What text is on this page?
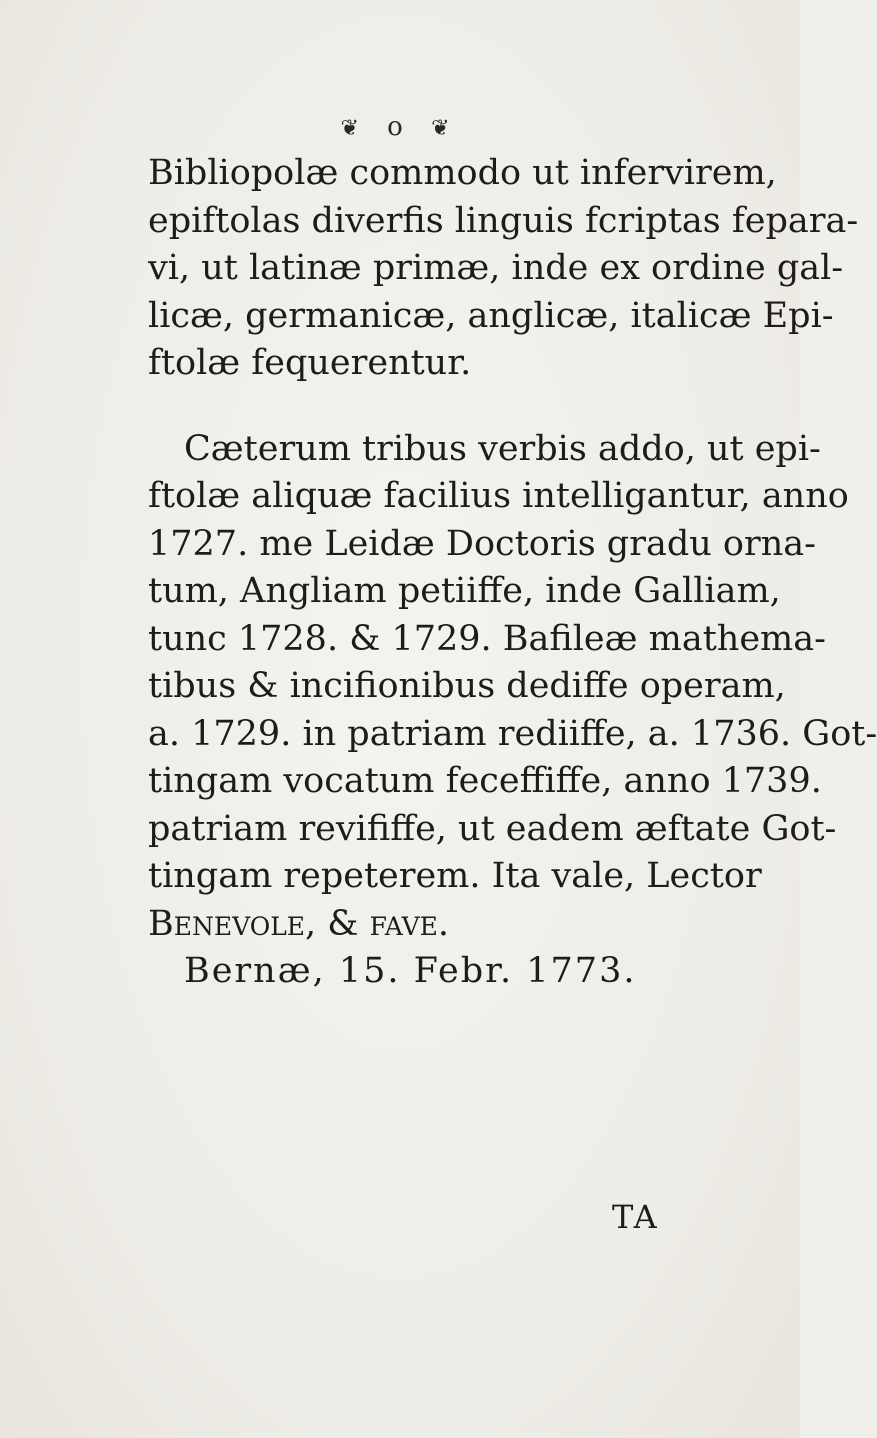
❦ o ❦
Bibliopolæ commodo ut infervirem,
epiftolas diverfis linguis fcriptas fepara-
vi, ut latinæ primæ, inde ex ordine gal-
licæ, germanicæ, anglicæ, italicæ Epi-
ftolæ fequerentur.
Cæterum tribus verbis addo, ut epi-
ftolæ aliquæ facilius intelligantur, anno
1727. me Leidæ Doctoris gradu orna-
tum, Angliam petiiffe, inde Galliam,
tunc 1728. & 1729. Bafileæ mathema-
tibus & incifionibus dediffe operam,
a. 1729. in patriam rediiffe, a. 1736. Got-
tingam vocatum feceffiffe, anno 1739.
patriam revififfe, ut eadem æftate Got-
tingam repeterem. Ita vale, Lector
Benevole, & fave.
Bernæ, 15. Febr. 1773.
TA
